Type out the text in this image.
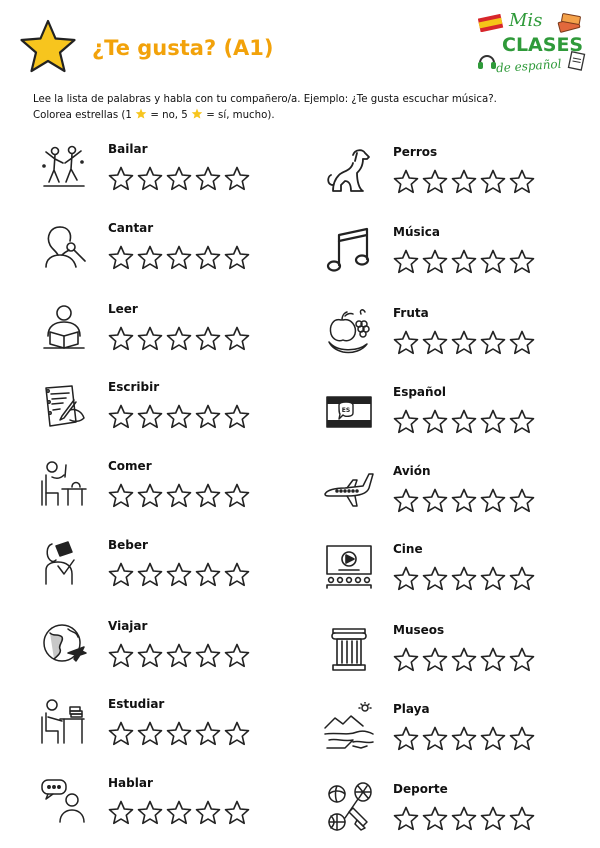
¿Te gusta? (A1)
Mis
CLASES
de español

Lee la lista de palabras y habla con tu compañero/a. Ejemplo: ¿Te gusta escuchar música?.

Colorea estrellas (1 = no, 5 = sí, mucho).

Bailar
Cantar
Leer
Escribir
Comer
Beber
Viajar
Estudiar
Hablar
Perros
Música
Fruta
ES
Español
Avión
Cine
Museos
Playa
Deporte
